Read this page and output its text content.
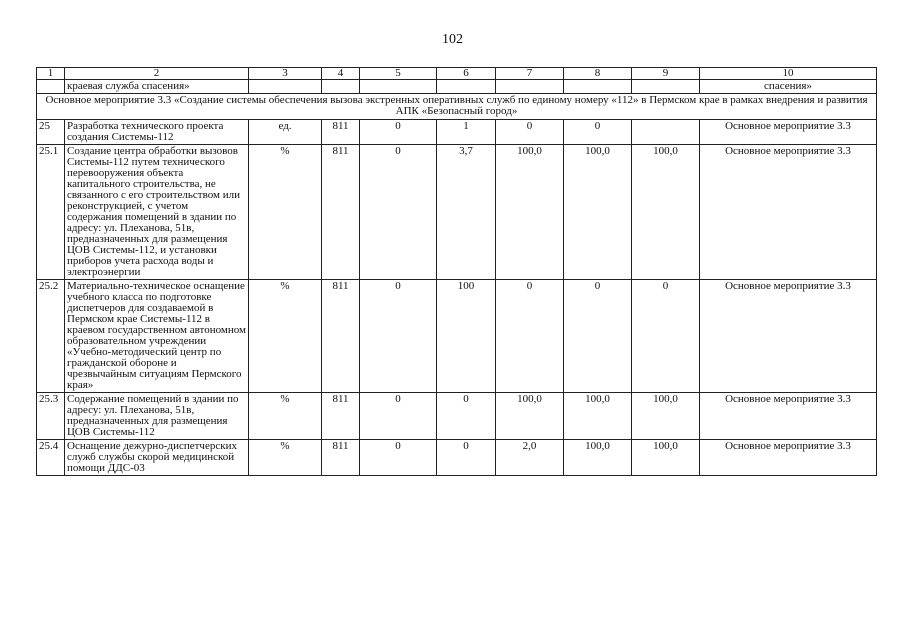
102
1	2	3	4	5	6	7	8	9	10
	краевая служба спасения»								спасения»
Основное мероприятие 3.3 «Создание системы обеспечения вызова экстренных оперативных служб по единому номеру «112» в Пермском крае в рамках внедрения и развития АПК «Безопасный город»									
25	Разработка технического проекта создания Системы-112	ед.	811	0	1	0	0		Основное мероприятие 3.3
25.1	Создание центра обработки вызовов Системы-112 путем технического перевооружения объекта капитального строительства, не связанного с его строительством или реконструкцией, с учетом содержания помещений в здании по адресу: ул. Плеханова, 51в, предназначенных для размещения ЦОВ Системы-112, и установки приборов учета расхода воды и электроэнергии	%	811	0	3,7	100,0	100,0	100,0	Основное мероприятие 3.3
25.2	Материально-техническое оснащение учебного класса по подготовке диспетчеров для создаваемой в Пермском крае Системы-112 в краевом государственном автономном образовательном учреждении «Учебно-методический центр по гражданской обороне и чрезвычайным ситуациям Пермского края»	%	811	0	100	0	0	0	Основное мероприятие 3.3
25.3	Содержание помещений в здании по адресу: ул. Плеханова, 51в, предназначенных для размещения ЦОВ Системы-112	%	811	0	0	100,0	100,0	100,0	Основное мероприятие 3.3
25.4	Оснащение дежурно-диспетчерских служб службы скорой медицинской помощи ДДС-03	%	811	0	0	2,0	100,0	100,0	Основное мероприятие 3.3
